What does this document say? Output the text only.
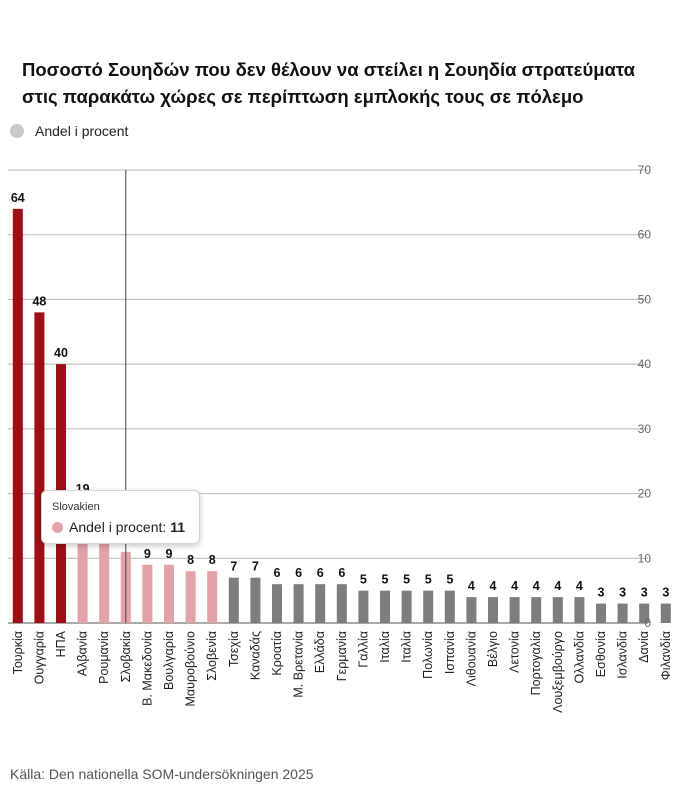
Ποσοστό Σουηδών που δεν θέλουν να στείλει η Σουηδία στρατεύματα
στις παρακάτω χώρες σε περίπτωση εμπλοκής τους σε πόλεμο
Andel i procent
64
48
40
9 9 8 8 7 7 6 6 6 6 5 5 5 5 5 4 4 4 4 4 4 3 3 3 3
0
10
20
30
40
50
60
70
Τουρκία Ουγγαρία ΗΠΑ Αλβανία Ρουμανία Σλοβακία Β. Μακεδονία Βουλγαρία Μαυροβούνιο Σλοβενία Τσεχία Καναδάς Κροατία Μ. Βρετανία Ελλάδα Γερμανία Γαλλία Ιταλία Ιταλία Πολωνία Ισπανία Λιθουανία Βέλγιο Λετονία Πορτογαλία Λουξεμβούργο Ολλανδία Εσθονία Ισλανδία Δανία Φιλανδία
Slovakien
Andel i procent : 11
Källa: Den nationella SOM-undersökningen 2025
